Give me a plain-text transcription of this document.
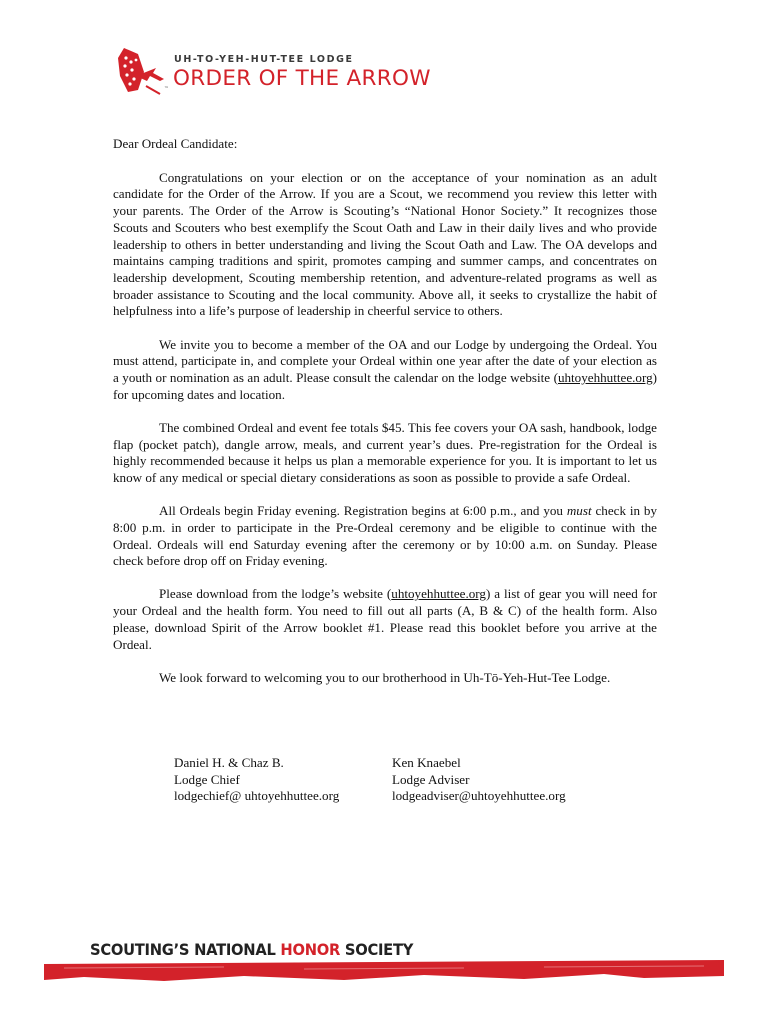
UH-TO-YEH-HUT-TEE LODGE
ORDER OF THE ARROW
™

Dear Ordeal Candidate:

Congratulations on your election or on the acceptance of your nomination as an adult candidate for the Order of the Arrow. If you are a Scout, we recommend you review this letter with your parents. The Order of the Arrow is Scouting’s “National Honor Society.” It recognizes those Scouts and Scouters who best exemplify the Scout Oath and Law in their daily lives and who provide leadership to others in better understanding and living the Scout Oath and Law. The OA develops and maintains camping traditions and spirit, promotes camping and summer camps, and concentrates on leadership development, Scouting membership retention, and adventure-related programs as well as broader assistance to Scouting and the local community. Above all, it seeks to crystallize the habit of helpfulness into a life’s purpose of leadership in cheerful service to others.

We invite you to become a member of the OA and our Lodge by undergoing the Ordeal. You must attend, participate in, and complete your Ordeal within one year after the date of your election as a youth or nomination as an adult. Please consult the calendar on the lodge website (uhtoyehhuttee.org) for upcoming dates and location.

The combined Ordeal and event fee totals $45. This fee covers your OA sash, handbook, lodge flap (pocket patch), dangle arrow, meals, and current year’s dues. Pre-registration for the Ordeal is highly recommended because it helps us plan a memorable experience for you. It is important to let us know of any medical or special dietary considerations as soon as possible to provide a safe Ordeal.

All Ordeals begin Friday evening. Registration begins at 6:00 p.m., and you must check in by 8:00 p.m. in order to participate in the Pre-Ordeal ceremony and be eligible to continue with the Ordeal. Ordeals will end Saturday evening after the ceremony or by 10:00 a.m. on Sunday. Please check before drop off on Friday evening.

Please download from the lodge’s website (uhtoyehhuttee.org) a list of gear you will need for your Ordeal and the health form. You need to fill out all parts (A, B & C) of the health form. Also please, download Spirit of the Arrow booklet #1. Please read this booklet before you arrive at the Ordeal.

We look forward to welcoming you to our brotherhood in Uh-Tō-Yeh-Hut-Tee Lodge.

Daniel H. & Chaz B.
Lodge Chief
lodgechief@ uhtoyehhuttee.org
Ken Knaebel
Lodge Adviser
lodgeadviser@uhtoyehhuttee.org
SCOUTING’S NATIONAL HONOR SOCIETY
